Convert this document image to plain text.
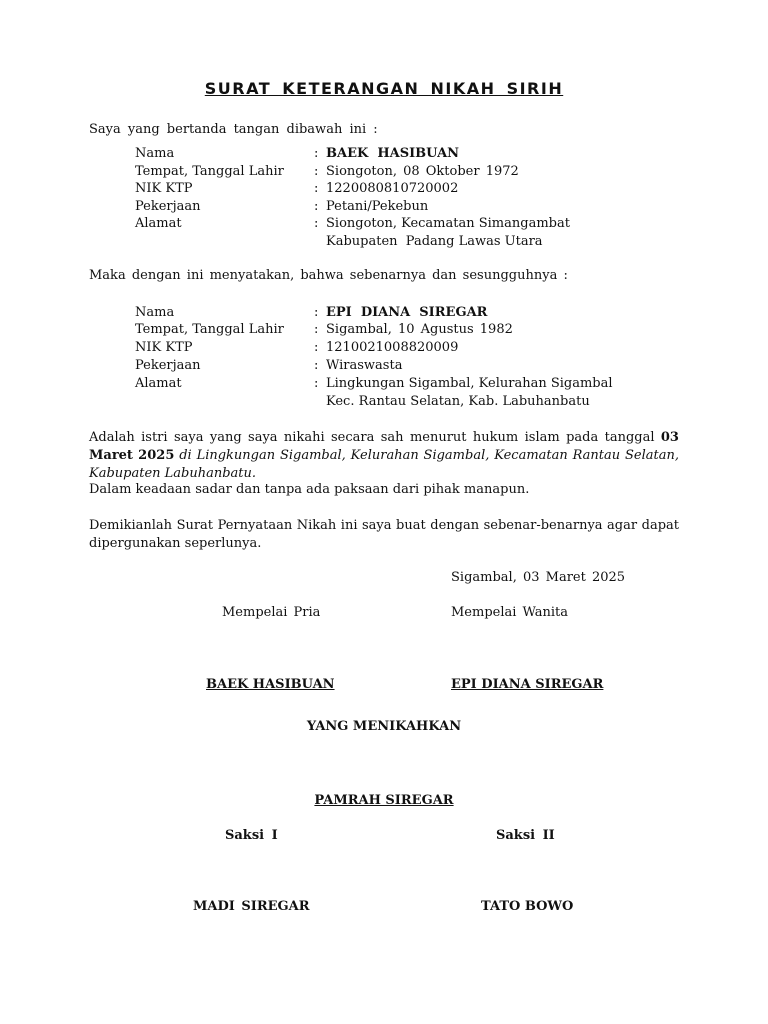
SURAT KETERANGAN NIKAH SIRIH
Saya yang bertanda tangan dibawah ini :
Nama	: BAEK  HASIBUAN
Tempat, Tanggal Lahir : Siongoton, 08 Oktober 1972
NIK KTP	: 1220080810720002
Pekerjaan	: Petani/Pekebun
Alamat	: Siongoton, Kecamatan Simangambat
Kabupaten  Padang Lawas Utara
Maka dengan ini menyatakan, bahwa sebenarnya dan sesungguhnya :
Nama	: EPI  DIANA  SIREGAR
Tempat, Tanggal Lahir : Sigambal, 10 Agustus 1982
NIK KTP	: 1210021008820009
Pekerjaan	: Wiraswasta
Alamat	: Lingkungan Sigambal, Kelurahan Sigambal
Kec. Rantau Selatan, Kab. Labuhanbatu
Adalah istri saya yang saya nikahi secara sah menurut hukum islam pada tanggal 03 Maret 2025 di Lingkungan Sigambal, Kelurahan Sigambal, Kecamatan Rantau Selatan, Kabupaten Labuhanbatu.
Dalam keadaan sadar dan tanpa ada paksaan dari pihak manapun.
Demikianlah Surat Pernyataan Nikah ini saya buat dengan sebenar-benarnya agar dapat dipergunakan seperlunya.
Sigambal, 03 Maret 2025
Mempelai Pria	Mempelai Wanita
BAEK HASIBUAN	EPI DIANA SIREGAR
YANG MENIKAHKAN
PAMRAH SIREGAR
Saksi I	Saksi II
MADI SIREGAR	TATO BOWO
